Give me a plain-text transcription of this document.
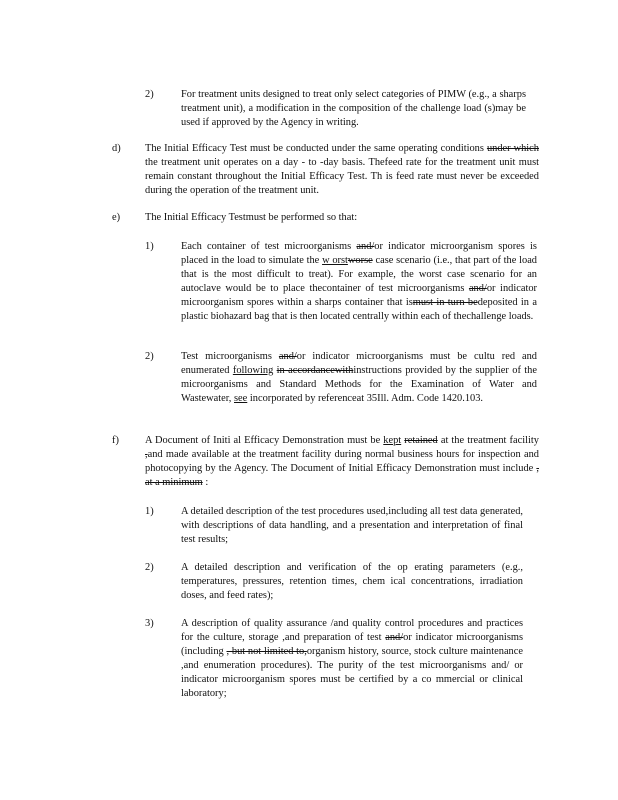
2)	For treatment units designed to treat only select categories of PIMW (e.g., a sharps treatment unit), a modification in the composition of the challenge load (s)may be used if approved by the Agency in writing.
d)	The Initial Efficacy Test must be conducted under the same operating conditions under which the treatment unit operates on a day - to -day basis. Thefeed rate for the treatment unit must remain constant throughout the Initial Efficacy Test. Th is feed rate must never be exceeded during the operation of the treatment unit.
e)	The Initial Efficacy Testmust be performed so that:
1)	Each container of test microorganisms and/or indicator microorganism spores is placed in the load to simulate the w orstworse case scenario (i.e., that part of the load that is the most difficult to treat). For example, the worst case scenario for an autoclave would be to place thecontainer of test microorganisms and/or indicator microorganism spores within a sharps container that ismust in turn bedeposited in a plastic biohazard bag that is then located centrally within each of thechallenge loads.
2)	Test microorganisms and/or indicator microorganisms must be cultu red and enumerated following in accordancewithinstructions provided by the supplier of the microorganisms and Standard Methods for the Examination of Water and Wastewater, see incorporated by referenceat 35Ill. Adm. Code 1420.103.
f)	A Document of Initi al Efficacy Demonstration must be kept retained at the treatment facility ,and made available at the treatment facility during normal business hours for inspection and photocopying by the Agency. The Document of Initial Efficacy Demonstration must include , at a minimum :
1)	A detailed description of the test procedures used,including all test data generated, with descriptions of data handling, and a presentation and interpretation of final test results;
2)	A detailed description and verification of the op erating parameters (e.g., temperatures, pressures, retention times, chem ical concentrations, irradiation doses, and feed rates);
3)	A description of quality assurance /and quality control procedures and practices for the culture, storage ,and preparation of test and/or indicator microorganisms (including , but not limited to,organism history, source, stock culture maintenance ,and enumeration procedures). The purity of the test microorganisms and/ or indicator microorganism spores must be certified by a co mmercial or clinical laboratory;
